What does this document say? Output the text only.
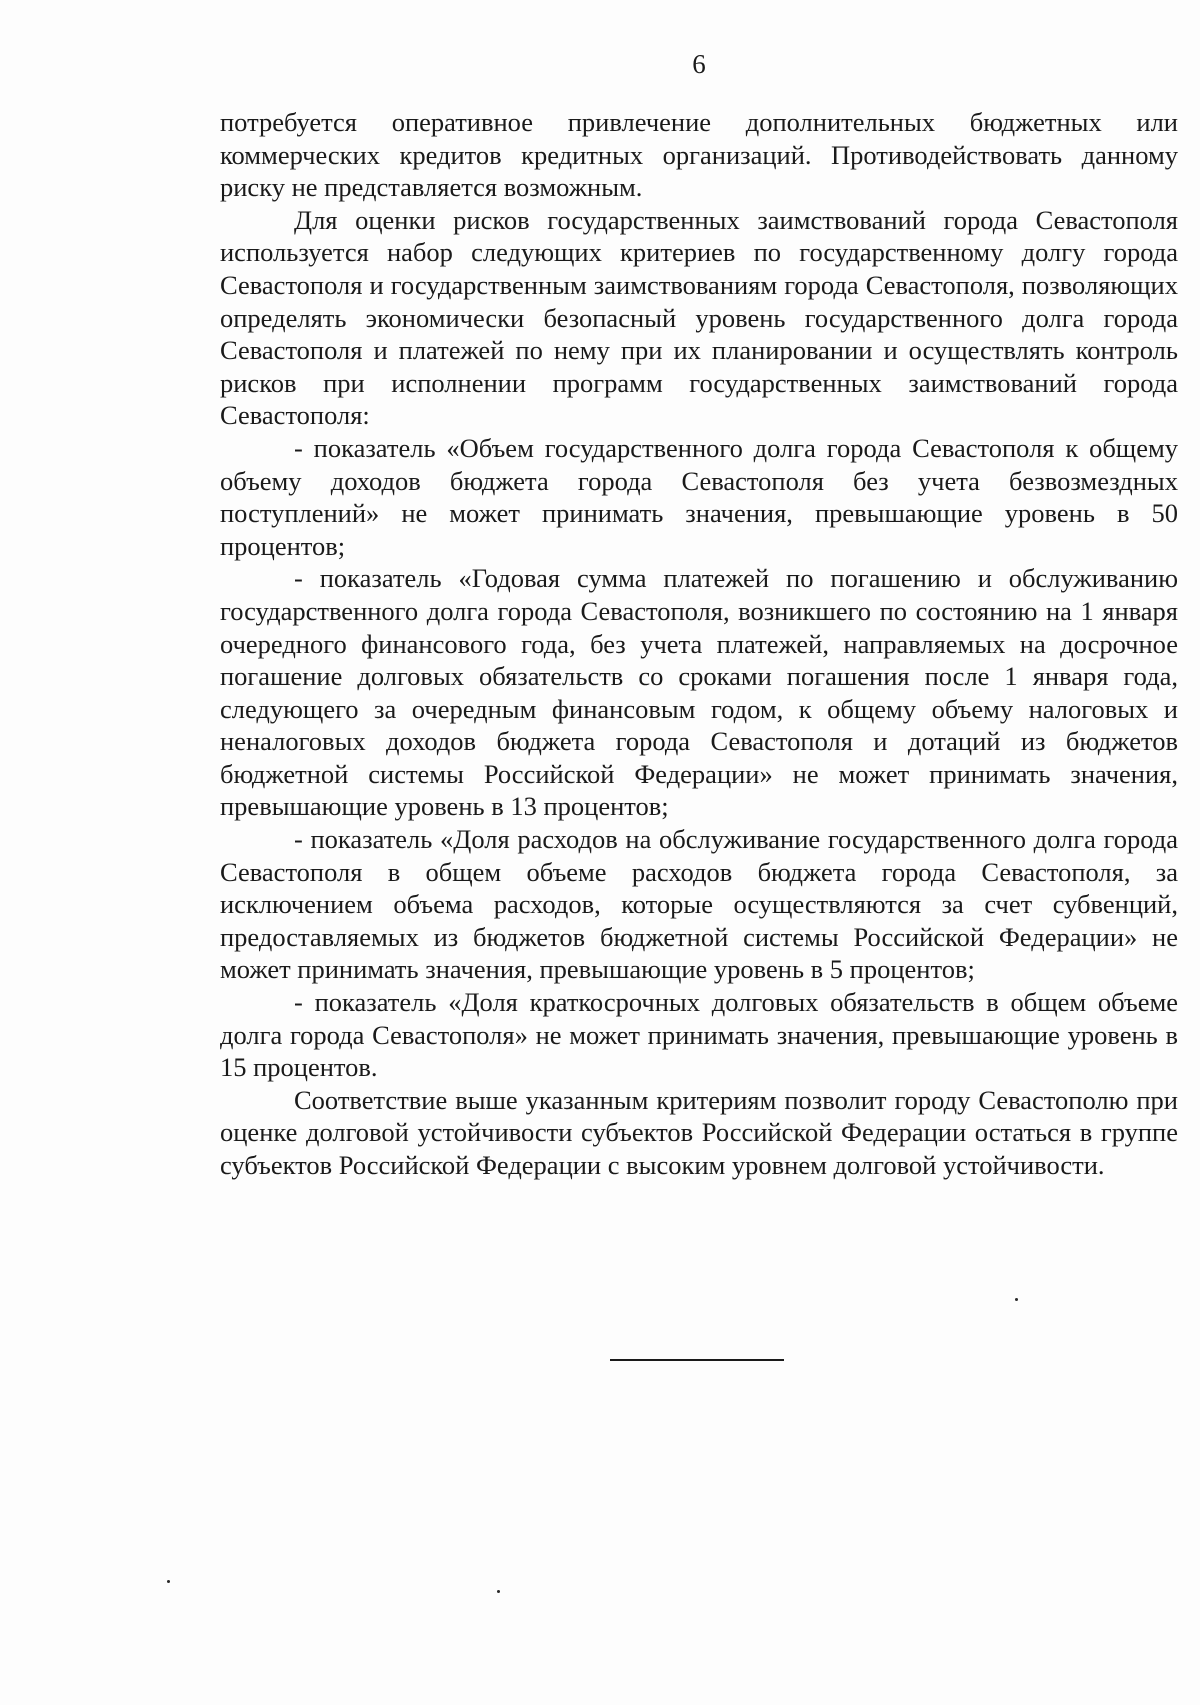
6

потребуется оперативное привлечение дополнительных бюджетных или коммерческих кредитов кредитных организаций. Противодействовать данному риску не представляется возможным.

Для оценки рисков государственных заимствований города Севастополя используется набор следующих критериев по государственному долгу города Севастополя и государственным заимствованиям города Севастополя, позволяющих определять экономически безопасный уровень государственного долга города Севастополя и платежей по нему при их планировании и осуществлять контроль рисков при исполнении программ государственных заимствований города Севастополя:

- показатель «Объем государственного долга города Севастополя к общему объему доходов бюджета города Севастополя без учета безвозмездных поступлений» не может принимать значения, превышающие уровень в 50 процентов;

- показатель «Годовая сумма платежей по погашению и обслуживанию государственного долга города Севастополя, возникшего по состоянию на 1 января очередного финансового года, без учета платежей, направляемых на досрочное погашение долговых обязательств со сроками погашения после 1 января года, следующего за очередным финансовым годом, к общему объему налоговых и неналоговых доходов бюджета города Севастополя и дотаций из бюджетов бюджетной системы Российской Федерации» не может принимать значения, превышающие уровень в 13 процентов;

- показатель «Доля расходов на обслуживание государственного долга города Севастополя в общем объеме расходов бюджета города Севастополя, за исключением объема расходов, которые осуществляются за счет субвенций, предоставляемых из бюджетов бюджетной системы Российской Федерации» не может принимать значения, превышающие уровень в 5 процентов;

- показатель «Доля краткосрочных долговых обязательств в общем объеме долга города Севастополя» не может принимать значения, превышающие уровень в 15 процентов.

Соответствие выше указанным критериям позволит городу Севастополю при оценке долговой устойчивости субъектов Российской Федерации остаться в группе субъектов Российской Федерации с высоким уровнем долговой устойчивости.
